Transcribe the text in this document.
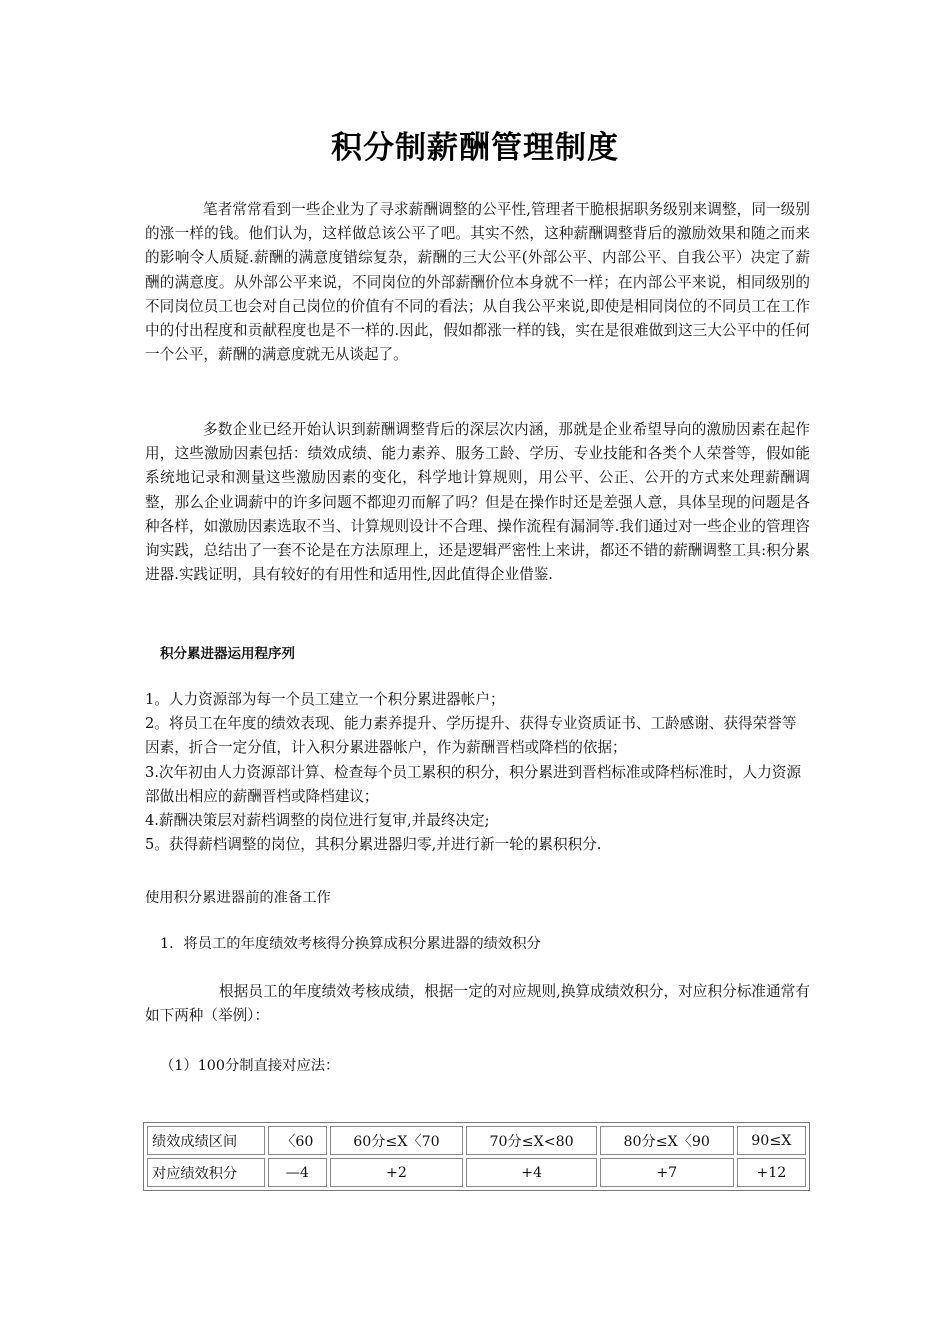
积分制薪酬管理制度

笔者常常看到一些企业为了寻求薪酬调整的公平性,管理者干脆根据职务级别来调整，同一级别的涨一样的钱。他们认为，这样做总该公平了吧。其实不然，这种薪酬调整背后的激励效果和随之而来的影响令人质疑.薪酬的满意度错综复杂，薪酬的三大公平(外部公平、内部公平、自我公平）决定了薪酬的满意度。从外部公平来说，不同岗位的外部薪酬价位本身就不一样；在内部公平来说，相同级别的不同岗位员工也会对自己岗位的价值有不同的看法；从自我公平来说,即使是相同岗位的不同员工在工作中的付出程度和贡献程度也是不一样的.因此，假如都涨一样的钱，实在是很难做到这三大公平中的任何一个公平，薪酬的满意度就无从谈起了。

多数企业已经开始认识到薪酬调整背后的深层次内涵，那就是企业希望导向的激励因素在起作用，这些激励因素包括：绩效成绩、能力素养、服务工龄、学历、专业技能和各类个人荣誉等，假如能系统地记录和测量这些激励因素的变化，科学地计算规则，用公平、公正、公开的方式来处理薪酬调整，那么企业调薪中的许多问题不都迎刃而解了吗？但是在操作时还是差强人意，具体呈现的问题是各种各样，如激励因素选取不当、计算规则设计不合理、操作流程有漏洞等.我们通过对一些企业的管理咨询实践，总结出了一套不论是在方法原理上，还是逻辑严密性上来讲，都还不错的薪酬调整工具:积分累进器.实践证明，具有较好的有用性和适用性,因此值得企业借鉴.

积分累进器运用程序列

1。人力资源部为每一个员工建立一个积分累进器帐户；

2。将员工在年度的绩效表现、能力素养提升、学历提升、获得专业资质证书、工龄感谢、获得荣誉等因素，折合一定分值，计入积分累进器帐户，作为薪酬晋档或降档的依据；

3.次年初由人力资源部计算、检查每个员工累积的积分，积分累进到晋档标准或降档标准时，人力资源部做出相应的薪酬晋档或降档建议；

4.薪酬决策层对薪档调整的岗位进行复审,并最终决定;

5。获得薪档调整的岗位，其积分累进器归零,并进行新一轮的累积积分.

使用积分累进器前的准备工作
1．将员工的年度绩效考核得分换算成积分累进器的绩效积分

根据员工的年度绩效考核成绩，根据一定的对应规则,换算成绩效积分，对应积分标准通常有如下两种（举例）：

（1）100分制直接对应法：
绩效成绩区间	〈60	60分≤X〈70	70分≤X<80	80分≤X〈90	90≤X
对应绩效积分	—4	+2	+4	+7	+12
